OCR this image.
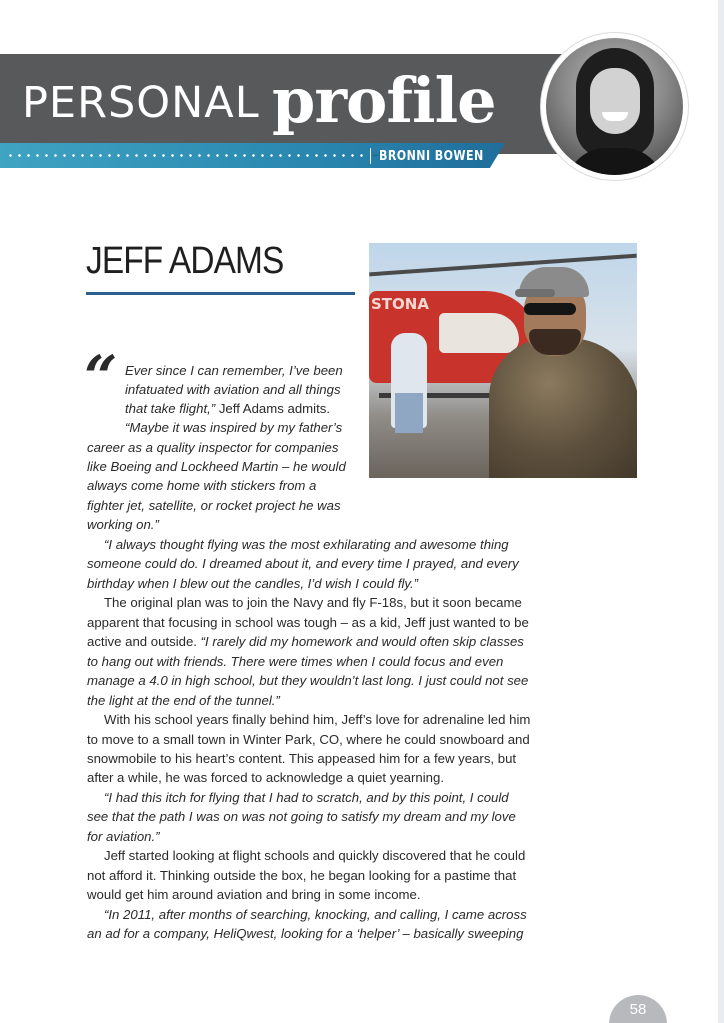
PERSONAL profile
➜
BRONNI BOWEN
JEFF ADAMS
STONA
“ Ever since I can remember, I’ve been
infatuated with aviation and all things
that take flight,” Jeff Adams admits.
“Maybe it was inspired by my father’s
career as a quality inspector for companies
like Boeing and Lockheed Martin – he would
always come home with stickers from a
fighter jet, satellite, or rocket project he was
working on.”
“I always thought flying was the most exhilarating and awesome thing
someone could do. I dreamed about it, and every time I prayed, and every
birthday when I blew out the candles, I’d wish I could fly.”
The original plan was to join the Navy and fly F-18s, but it soon became
apparent that focusing in school was tough – as a kid, Jeff just wanted to be
active and outside. “I rarely did my homework and would often skip classes
to hang out with friends. There were times when I could focus and even
manage a 4.0 in high school, but they wouldn’t last long. I just could not see
the light at the end of the tunnel.”
With his school years finally behind him, Jeff’s love for adrenaline led him
to move to a small town in Winter Park, CO, where he could snowboard and
snowmobile to his heart’s content. This appeased him for a few years, but
after a while, he was forced to acknowledge a quiet yearning.
“I had this itch for flying that I had to scratch, and by this point, I could
see that the path I was on was not going to satisfy my dream and my love
for aviation.”
Jeff started looking at flight schools and quickly discovered that he could
not afford it. Thinking outside the box, he began looking for a pastime that
would get him around aviation and bring in some income.
“In 2011, after months of searching, knocking, and calling, I came across
an ad for a company, HeliQwest, looking for a ‘helper’ – basically sweeping
58
